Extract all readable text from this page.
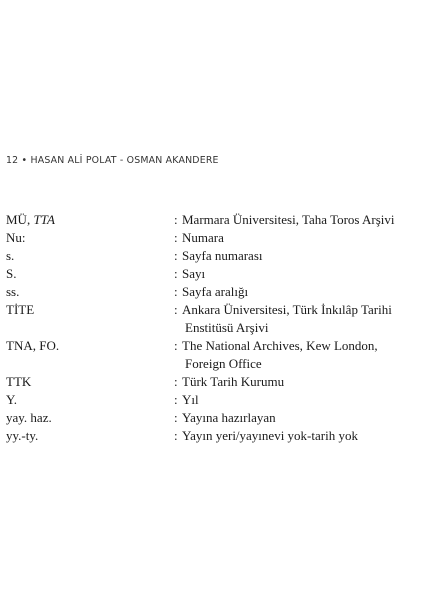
12 • HASAN ALİ POLAT - OSMAN AKANDERE
MÜ, TTA	: Marmara Üniversitesi, Taha Toros Arşivi
Nu:	: Numara
s.	: Sayfa numarası
S.	: Sayı
ss.	: Sayfa aralığı
TİTE	: Ankara Üniversitesi, Türk İnkılâp Tarihi
Enstitüsü Arşivi
TNA, FO.	: The National Archives, Kew London,
Foreign Office
TTK	: Türk Tarih Kurumu
Y.	: Yıl
yay. haz.	: Yayına hazırlayan
yy.-ty.	: Yayın yeri/yayınevi yok-tarih yok
